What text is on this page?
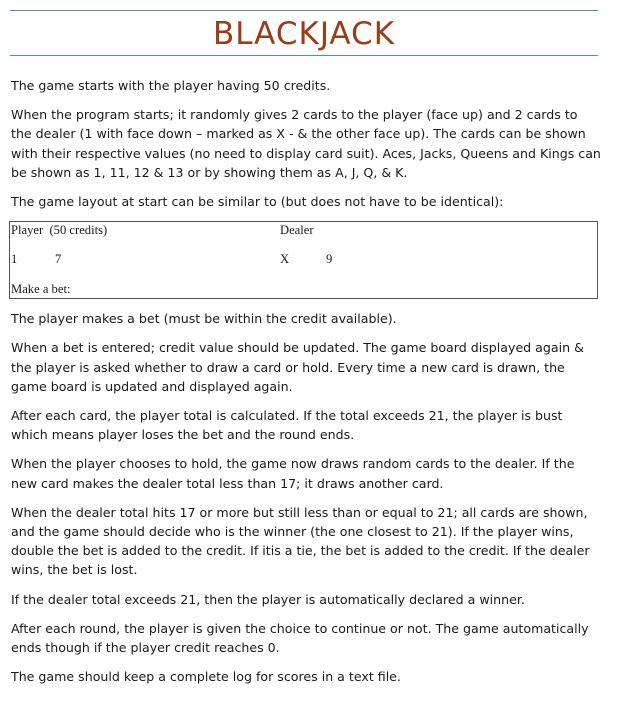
BLACKJACK

The game starts with the player having 50 credits.

When the program starts; it randomly gives 2 cards to the player (face up) and 2 cards to the dealer (1 with face down – marked as X - & the other face up). The cards can be shown with their respective values (no need to display card suit). Aces, Jacks, Queens and Kings can be shown as 1, 11, 12 & 13 or by showing them as A, J, Q, & K.

The game layout at start can be similar to (but does not have to be identical):

Player  (50 credits)	Dealer
1	7	X	9
Make a bet:

The player makes a bet (must be within the credit available).

When a bet is entered; credit value should be updated. The game board displayed again & the player is asked whether to draw a card or hold. Every time a new card is drawn, the game board is updated and displayed again.

After each card, the player total is calculated. If the total exceeds 21, the player is bust which means player loses the bet and the round ends.

When the player chooses to hold, the game now draws random cards to the dealer. If the new card makes the dealer total less than 17; it draws another card.

When the dealer total hits 17 or more but still less than or equal to 21; all cards are shown, and the game should decide who is the winner (the one closest to 21). If the player wins, double the bet is added to the credit. If itis a tie, the bet is added to the credit. If the dealer wins, the bet is lost.

If the dealer total exceeds 21, then the player is automatically declared a winner.

After each round, the player is given the choice to continue or not. The game automatically ends though if the player credit reaches 0.

The game should keep a complete log for scores in a text file.
